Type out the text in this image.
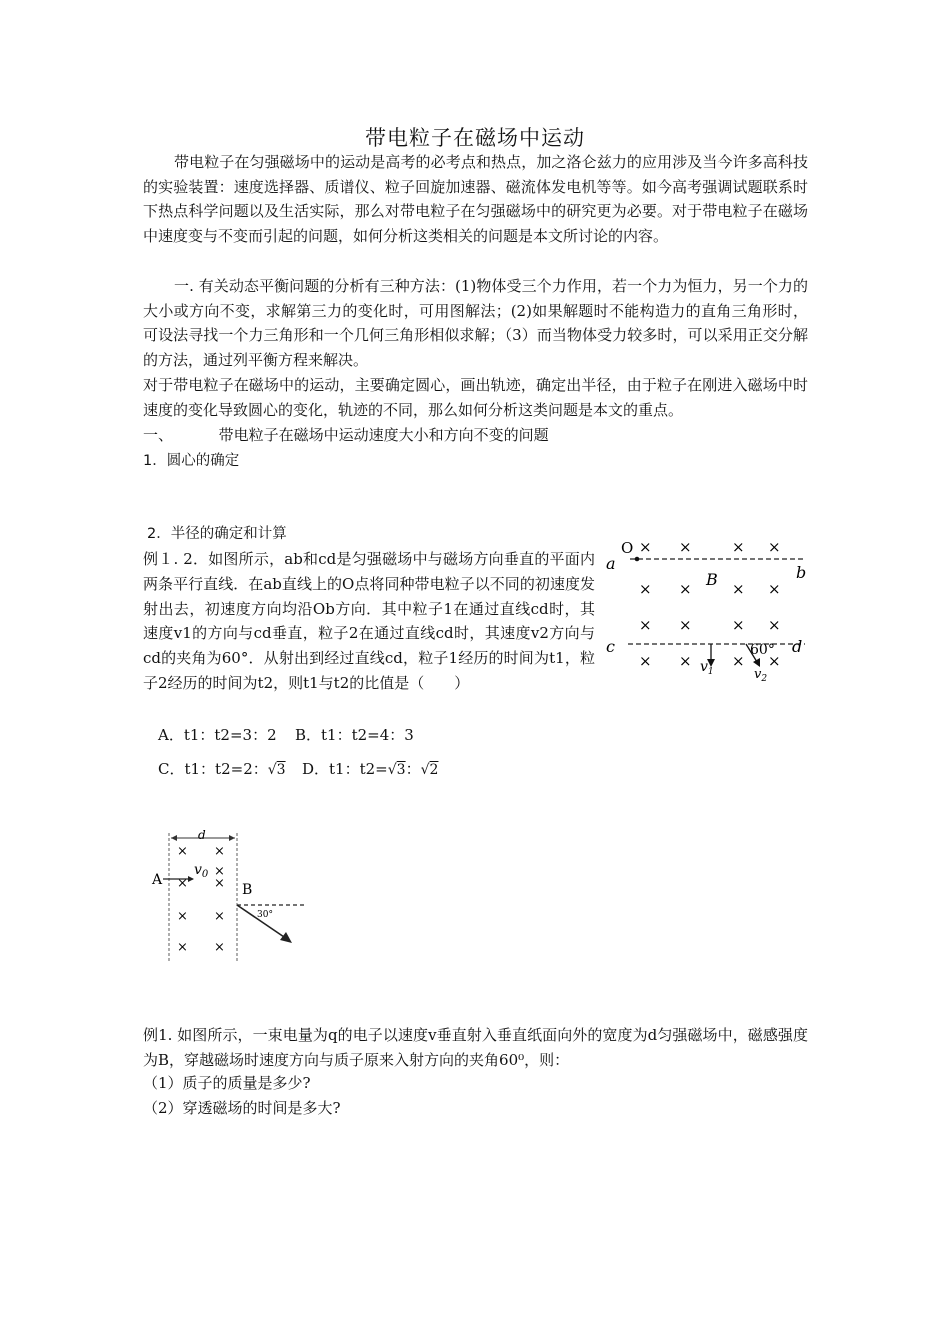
带电粒子在磁场中运动
带电粒子在匀强磁场中的运动是高考的必考点和热点，加之洛仑兹力的应用涉及当今许多高科技的实验装置：速度选择器、质谱仪、粒子回旋加速器、磁流体发电机等等。如今高考强调试题联系时下热点科学问题以及生活实际，那么对带电粒子在匀强磁场中的研究更为必要。对于带电粒子在磁场中速度变与不变而引起的问题，如何分析这类相关的问题是本文所讨论的内容。
一. 有关动态平衡问题的分析有三种方法：(1)物体受三个力作用，若一个力为恒力，另一个力的大小或方向不变，求解第三力的变化时，可用图解法；(2)如果解题时不能构造力的直角三角形时，可设法寻找一个力三角形和一个几何三角形相似求解；（3）而当物体受力较多时，可以采用正交分解的方法，通过列平衡方程来解决。
对于带电粒子在磁场中的运动，主要确定圆心，画出轨迹，确定出半径，由于粒子在刚进入磁场中时速度的变化导致圆心的变化，轨迹的不同，那么如何分析这类问题是本文的重点。
一、	带电粒子在磁场中运动速度大小和方向不变的问题
1．圆心的确定
2．半径的确定和计算
例１. 2．如图所示，ab和cd是匀强磁场中与磁场方向垂直的平面内两条平行直线．在ab直线上的O点将同种带电粒子以不同的初速度发射出去，初速度方向均沿Ob方向．其中粒子1在通过直线cd时，其速度v1的方向与cd垂直，粒子2在通过直线cd时，其速度v2方向与cd的夹角为60°．从射出到经过直线cd，粒子1经历的时间为t1，粒子2经历的时间为t2，则t1与t2的比值是（　　）
A．t1：t2=3：2 B．t1：t2=4：3
C．t1：t2=2：√3 D．t1：t2=√3：√2
O
a	b
c	d
B
× ×	× ×
× ×	× ×
× ×	× ×
× ×	× ×
$v_1$	$v_2$
60°
d
A
$v_0$
× ×
×
× ×
× ×
× ×
B
30°
例1. 如图所示，一束电量为q的电子以速度v垂直射入垂直纸面向外的宽度为d匀强磁场中，磁感强度为B，穿越磁场时速度方向与质子原来入射方向的夹角60⁰，则：
（1）质子的质量是多少?
（2）穿透磁场的时间是多大?
